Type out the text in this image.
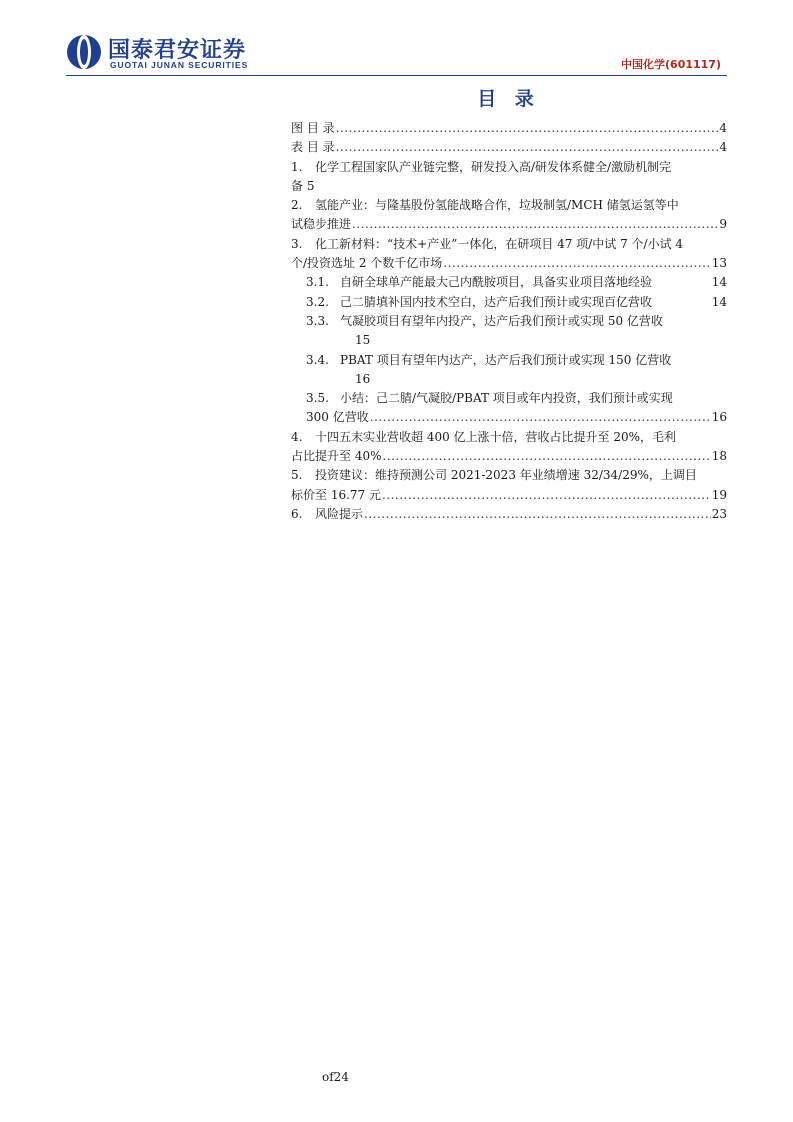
国泰君安证券
GUOTAI JUNAN SECURITIES	中国化学(601117)
目 录
图 目 录 .....	4
表 目 录 .....	4
1. 化学工程国家队产业链完整，研发投入高/研发体系健全/激励机制完
备 5
2. 氢能产业：与隆基股份氢能战略合作，垃圾制氢/MCH 储氢运氢等中
试稳步推进 .....	9
3. 化工新材料：“技术+产业”一体化，在研项目 47 项/中试 7 个/小试 4
个/投资选址 2 个数千亿市场 .....	13
3.1. 自研全球单产能最大己内酰胺项目，具备实业项目落地经验	14
3.2. 己二腈填补国内技术空白，达产后我们预计或实现百亿营收	14
3.3. 气凝胶项目有望年内投产，达产后我们预计或实现 50 亿营收
15
3.4. PBAT 项目有望年内达产，达产后我们预计或实现 150 亿营收
16
3.5. 小结：己二腈/气凝胶/PBAT 项目或年内投资，我们预计或实现
300 亿营收 .....	16
4. 十四五末实业营收超 400 亿上涨十倍，营收占比提升至 20%，毛利
占比提升至 40% .....	18
5. 投资建议：维持预测公司 2021-2023 年业绩增速 32/34/29%，上调目
标价至 16.77 元 .....	19
6. 风险提示 .....	23
of24
